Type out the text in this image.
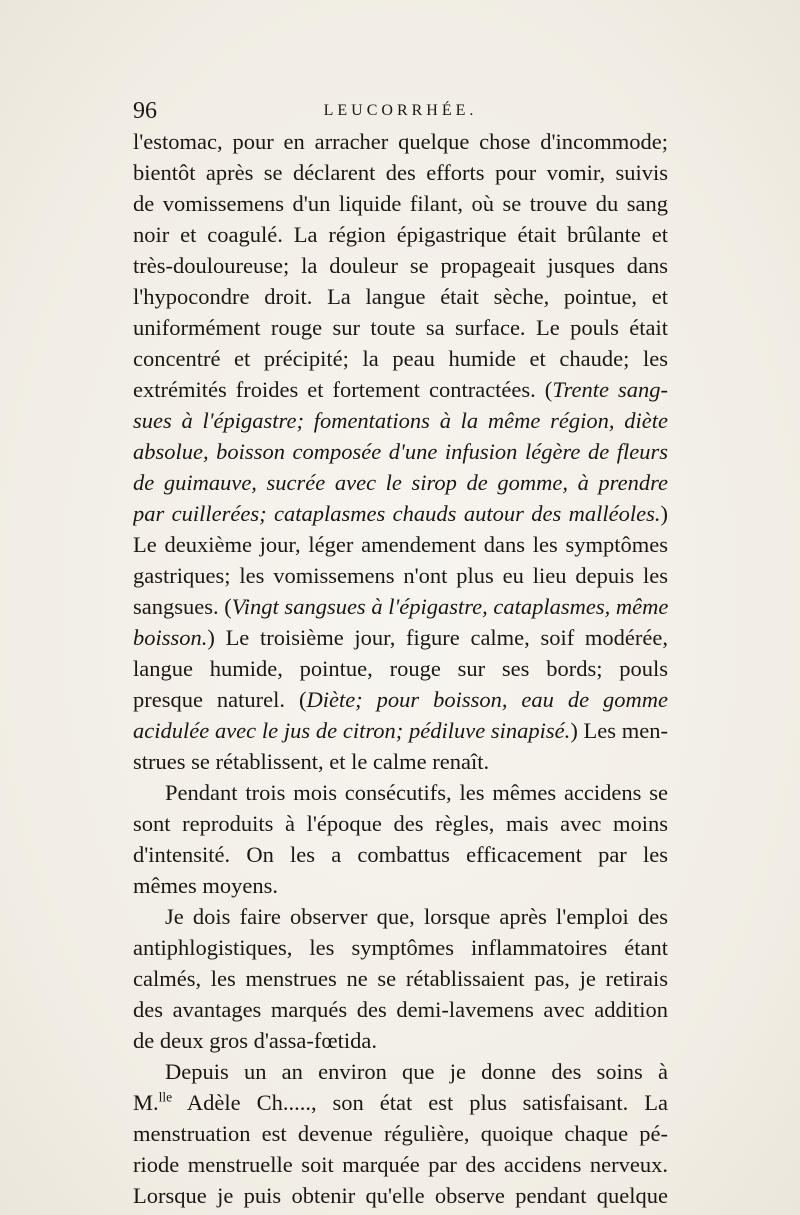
96	LEUCORRHÉE.
l'estomac, pour en arracher quelque chose d'incommode;
bientôt après se déclarent des efforts pour vomir, suivis
de vomissemens d'un liquide filant, où se trouve du sang
noir et coagulé. La région épigastrique était brûlante et
très-douloureuse; la douleur se propageait jusques dans
l'hypocondre droit. La langue était sèche, pointue, et
uniformément rouge sur toute sa surface. Le pouls était
concentré et précipité; la peau humide et chaude; les
extrémités froides et fortement contractées. (Trente sang-
sues à l'épigastre; fomentations à la même région, diète
absolue, boisson composée d'une infusion légère de fleurs
de guimauve, sucrée avec le sirop de gomme, à prendre
par cuillerées; cataplasmes chauds autour des malléoles.)
Le deuxième jour, léger amendement dans les symptômes
gastriques; les vomissemens n'ont plus eu lieu depuis les
sangsues. (Vingt sangsues à l'épigastre, cataplasmes, même
boisson.) Le troisième jour, figure calme, soif modérée,
langue humide, pointue, rouge sur ses bords; pouls
presque naturel. (Diète; pour boisson, eau de gomme
acidulée avec le jus de citron; pédiluve sinapisé.) Les men-
strues se rétablissent, et le calme renaît.
Pendant trois mois consécutifs, les mêmes accidens se
sont reproduits à l'époque des règles, mais avec moins
d'intensité. On les a combattus efficacement par les
mêmes moyens.
Je dois faire observer que, lorsque après l'emploi des
antiphlogistiques, les symptômes inflammatoires étant
calmés, les menstrues ne se rétablissaient pas, je retirais
des avantages marqués des demi-lavemens avec addition
de deux gros d'assa-fœtida.
Depuis un an environ que je donne des soins à
M.$^{lle}$ Adèle Ch....., son état est plus satisfaisant. La
menstruation est devenue régulière, quoique chaque pé-
riode menstruelle soit marquée par des accidens nerveux.
Lorsque je puis obtenir qu'elle observe pendant quelque
